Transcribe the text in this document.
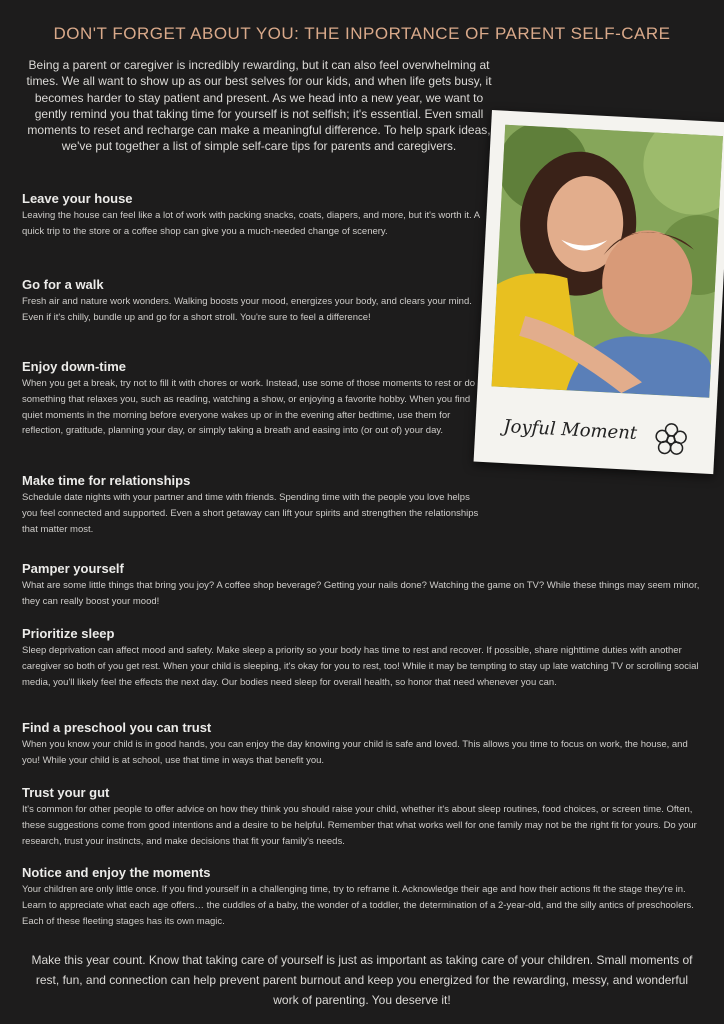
DON'T FORGET ABOUT YOU: THE INPORTANCE OF PARENT SELF-CARE
Being a parent or caregiver is incredibly rewarding, but it can also feel overwhelming at times. We all want to show up as our best selves for our kids, and when life gets busy, it becomes harder to stay patient and present. As we head into a new year, we want to gently remind you that taking time for yourself is not selfish; it's essential. Even small moments to reset and recharge can make a meaningful difference. To help spark ideas, we've put together a list of simple self-care tips for parents and caregivers.
Leave your house

Leaving the house can feel like a lot of work with packing snacks, coats, diapers, and more, but it's worth it. A quick trip to the store or a coffee shop can give you a much-needed change of scenery.

Go for a walk

Fresh air and nature work wonders. Walking boosts your mood, energizes your body, and clears your mind. Even if it's chilly, bundle up and go for a short stroll. You're sure to feel a difference!

Enjoy down-time

When you get a break, try not to fill it with chores or work. Instead, use some of those moments to rest or do something that relaxes you, such as reading, watching a show, or enjoying a favorite hobby. When you find quiet moments in the morning before everyone wakes up or in the evening after bedtime, use them for reflection, gratitude, planning your day, or simply taking a breath and easing into (or out of) your day.

Make time for relationships

Schedule date nights with your partner and time with friends. Spending time with the people you love helps you feel connected and supported. Even a short getaway can lift your spirits and strengthen the relationships that matter most.

Pamper yourself

What are some little things that bring you joy? A coffee shop beverage? Getting your nails done? Watching the game on TV? While these things may seem minor, they can really boost your mood!

Prioritize sleep

Sleep deprivation can affect mood and safety. Make sleep a priority so your body has time to rest and recover. If possible, share nighttime duties with another caregiver so both of you get rest. When your child is sleeping, it's okay for you to rest, too! While it may be tempting to stay up late watching TV or scrolling social media, you'll likely feel the effects the next day. Our bodies need sleep for overall health, so honor that need whenever you can.

Find a preschool you can trust

When you know your child is in good hands, you can enjoy the day knowing your child is safe and loved. This allows you time to focus on work, the house, and you! While your child is at school, use that time in ways that benefit you.

Trust your gut

It's common for other people to offer advice on how they think you should raise your child, whether it's about sleep routines, food choices, or screen time. Often, these suggestions come from good intentions and a desire to be helpful. Remember that what works well for one family may not be the right fit for yours. Do your research, trust your instincts, and make decisions that fit your family's needs.

Notice and enjoy the moments

Your children are only little once. If you find yourself in a challenging time, try to reframe it. Acknowledge their age and how their actions fit the stage they're in. Learn to appreciate what each age offers… the cuddles of a baby, the wonder of a toddler, the determination of a 2-year-old, and the silly antics of preschoolers. Each of these fleeting stages has its own magic.

Make this year count. Know that taking care of yourself is just as important as taking care of your children. Small moments of rest, fun, and connection can help prevent parent burnout and keep you energized for the rewarding, messy, and wonderful work of parenting. You deserve it!
Joyful Moment
